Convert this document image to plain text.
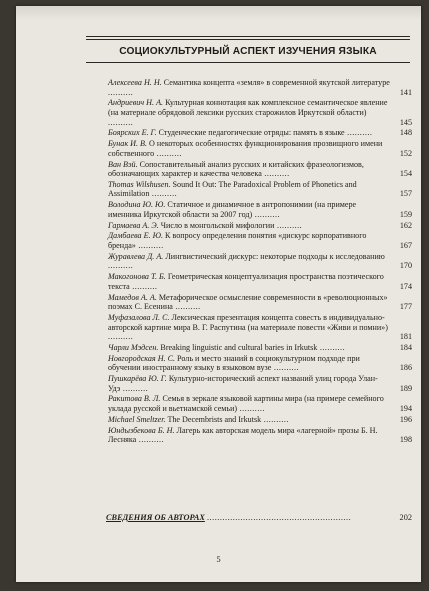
СОЦИОКУЛЬТУРНЫЙ АСПЕКТ ИЗУЧЕНИЯ ЯЗЫКА
Алексеева Н. Н. Семантика концепта «земля» в современной якутской литературе ..........	141
Андриевич Н. А. Культурная коннотация как комплексное семантическое явление (на материале обрядовой лексики русских старожилов Иркутской области) ..........	145
Боярских Е. Г. Студенческие педагогические отряды: память в языке ..........	148
Бунак И. В. О некоторых особенностях функционирования прозвищного имени собственного ..........	152
Ван Вэй. Сопоставительный анализ русских и китайских фразеологизмов, обозначающих характер и качества человека ..........	154
Thomas Wilshusen. Sound It Out: The Paradoxical Problem of Phonetics and Assimilation ..........	157
Володина Ю. Ю. Статичное и динамичное в антропонимии (на примере именника Иркутской области за 2007 год) ..........	159
Гармаева А. Э. Число в монгольской мифологии ..........	162
Дамбаева Е. Ю. К вопросу определения понятия «дискурс корпоративного бренда» ..........	167
Журавлева Д. А. Лингвистический дискурс: некоторые подходы к исследованию ..........	170
Макогонова Т. Б. Геометрическая концептуализация пространства поэтического текста ..........	174
Мамедов А. А. Метафорическое осмысление современности в «революционных» поэмах С. Есенина ..........	177
Муфазалова Л. С. Лексическая презентация концепта совесть в индивидуально-авторской картине мира В. Г. Распутина (на материале повести «Живи и помни») ..........	181
Чарли Мэдсен. Breaking linguistic and cultural baries in Irkutsk ..........	184
Новгородская Н. С. Роль и место знаний в социокультурном подходе при обучении иностранному языку в языковом вузе ..........	186
Пушкарёва Ю. Г. Культурно-исторический аспект названий улиц города Улан-Удэ ..........	189
Ракитова В. Л. Семья в зеркале языковой картины мира (на примере семейного уклада русской и вьетнамской семьи) ..........	194
Michael Smeltzer. The Decembrists and Irkutsk ..........	196
Юндызбекова Б. Н. Лагерь как авторская модель мира «лагерной» прозы Б. Н. Лесняка ..........	198
СВЕДЕНИЯ ОБ АВТОРАХ ........................................................	202
5
